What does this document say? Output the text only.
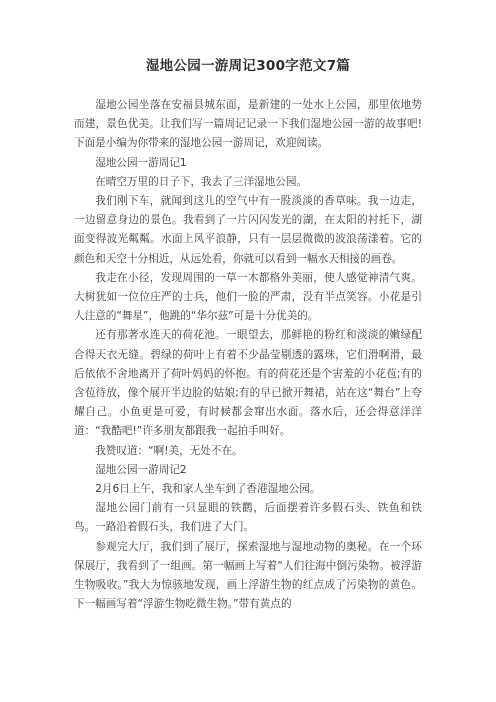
湿地公园一游周记300字范文7篇

湿地公园坐落在安福县城东面，是新建的一处水上公园，那里依地势而建，景色优美。让我们写一篇周记记录一下我们湿地公园一游的故事吧!下面是小编为你带来的湿地公园一游周记，欢迎阅读。

湿地公园一游周记1

在晴空万里的日子下，我去了三洋湿地公园。

我们刚下车，就闻到这儿的空气中有一股淡淡的香草味。我一边走，一边留意身边的景色。我看到了一片闪闪发光的湖，在太阳的衬托下，湖面变得波光粼粼。水面上风平浪静，只有一层层微微的波浪荡漾着。它的颜色和天空十分相近，从远处看，你就可以看到一幅水天相接的画卷。

我走在小径，发现周围的一草一木都格外美丽，使人感觉神清气爽。大树犹如一位位庄严的士兵，他们一脸的严肃，没有半点笑容。小花是引人注意的“舞星”，他跳的“华尔兹”可是十分优美的。

还有那著水连天的荷花池。一眼望去，那鲜艳的粉红和淡淡的嫩绿配合得天衣无缝。碧绿的荷叶上有着不少晶莹剔透的露珠，它们滑啊滑，最后依依不舍地离开了荷叶妈妈的怀抱。有的荷花还是个害羞的小花苞;有的含苞待放，像个展开半边脸的姑娘;有的早已掀开舞裙，站在这“舞台”上夸耀自己。小鱼更是可爱，有时候都会窜出水面。落水后，还会得意洋洋道：“我酷吧!”许多朋友都跟我一起拍手叫好。

我赞叹道：“啊!美，无处不在。

湿地公园一游周记2

2月6日上午，我和家人坐车到了香港湿地公园。

湿地公园门前有一只显眼的铁鹳，后面摆着许多假石头、铁鱼和铁鸟。一路沿着假石头，我们进了大门。

参观完大厅，我们到了展厅，探索湿地与湿地动物的奥秘。在一个环保展厅，我看到了一组画。第一幅画上写着“人们往海中倒污染物。被浮游生物吸收。”我大为惊骇地发现，画上浮游生物的红点成了污染物的黄色。下一幅画写着“浮游生物吃微生物。”带有黄点的
